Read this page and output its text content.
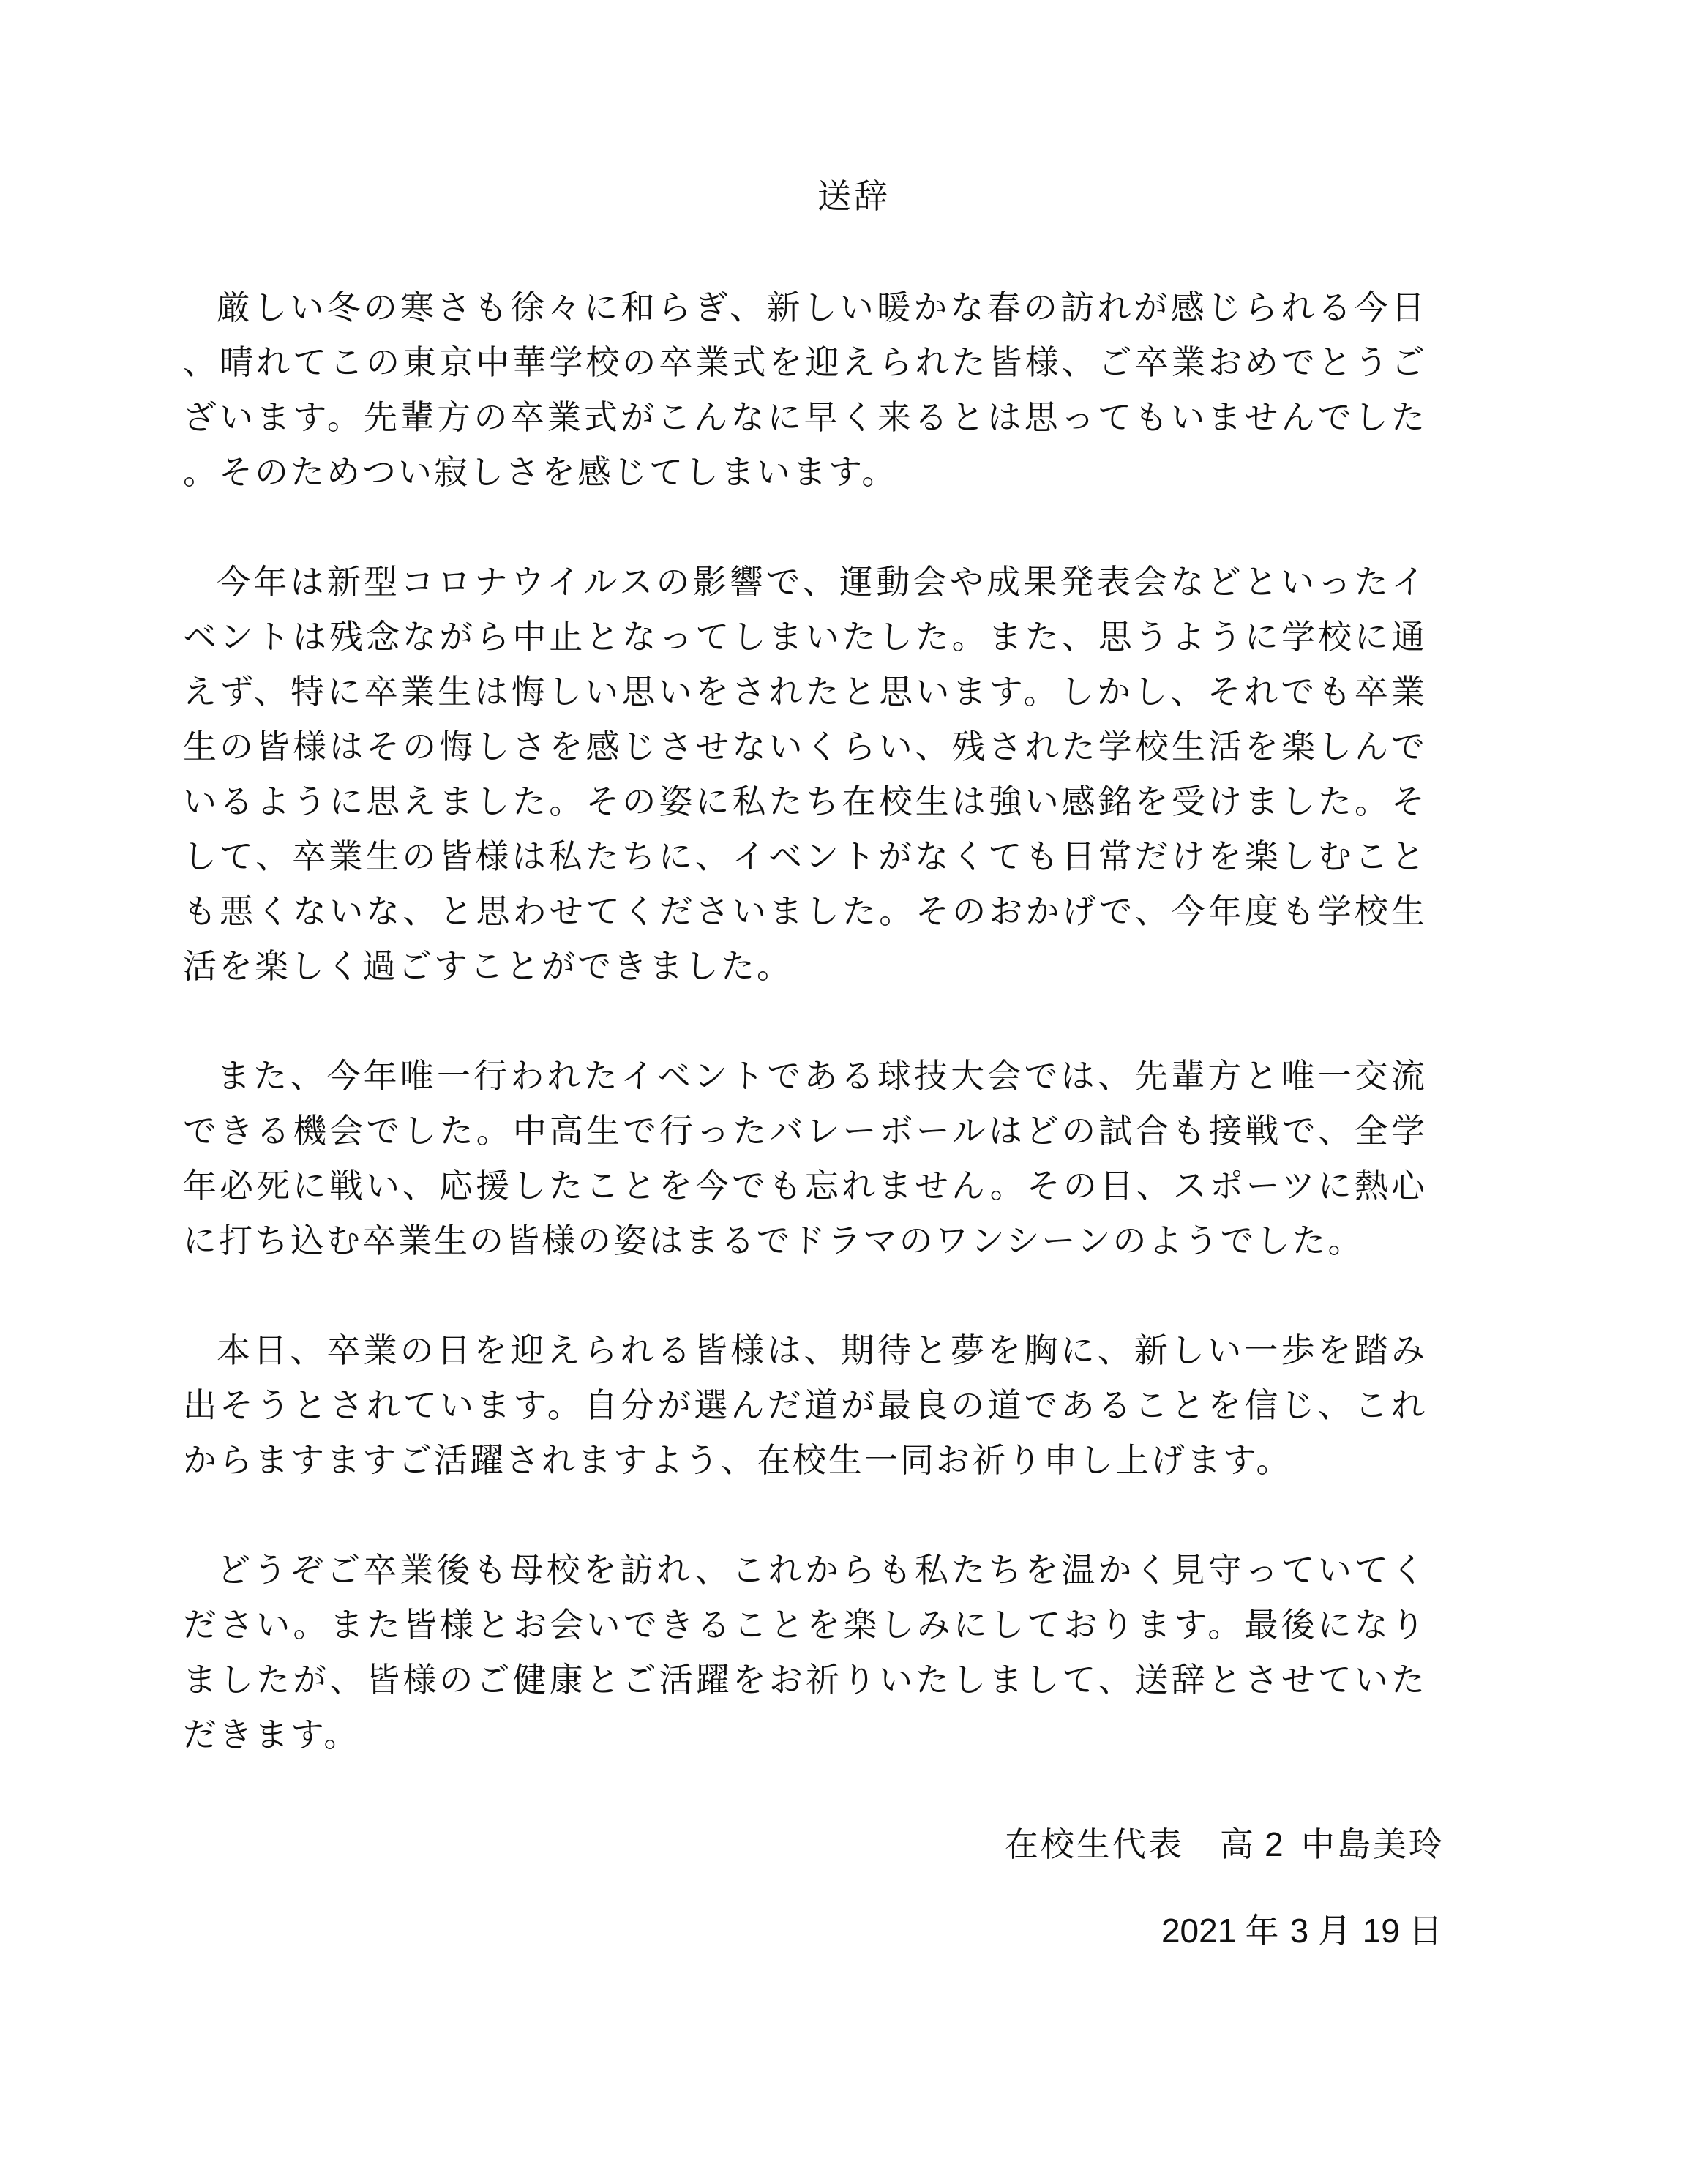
送辞

厳しい冬の寒さも徐々に和らぎ、新しい暖かな春の訪れが感じられる今日、晴れてこの東京中華学校の卒業式を迎えられた皆様、ご卒業おめでとうございます。先輩方の卒業式がこんなに早く来るとは思ってもいませんでした。そのためつい寂しさを感じてしまいます。

今年は新型コロナウイルスの影響で、運動会や成果発表会などといったイベントは残念ながら中止となってしまいたした。また、思うように学校に通えず、特に卒業生は悔しい思いをされたと思います。しかし、それでも卒業生の皆様はその悔しさを感じさせないくらい、残された学校生活を楽しんでいるように思えました。その姿に私たち在校生は強い感銘を受けました。そして、卒業生の皆様は私たちに、イベントがなくても日常だけを楽しむことも悪くないな、と思わせてくださいました。そのおかげで、今年度も学校生活を楽しく過ごすことができました。

また、今年唯一行われたイベントである球技大会では、先輩方と唯一交流できる機会でした。中高生で行ったバレーボールはどの試合も接戦で、全学年必死に戦い、応援したことを今でも忘れません。その日、スポーツに熱心に打ち込む卒業生の皆様の姿はまるでドラマのワンシーンのようでした。

本日、卒業の日を迎えられる皆様は、期待と夢を胸に、新しい一歩を踏み出そうとされています。自分が選んだ道が最良の道であることを信じ、これからますますご活躍されますよう、在校生一同お祈り申し上げます。

どうぞご卒業後も母校を訪れ、これからも私たちを温かく見守っていてください。また皆様とお会いできることを楽しみにしております。最後になりましたが、皆様のご健康とご活躍をお祈りいたしまして、送辞とさせていただきます。

在校生代表　 高  2   中島美玲
2021  年  3  月  19  日
